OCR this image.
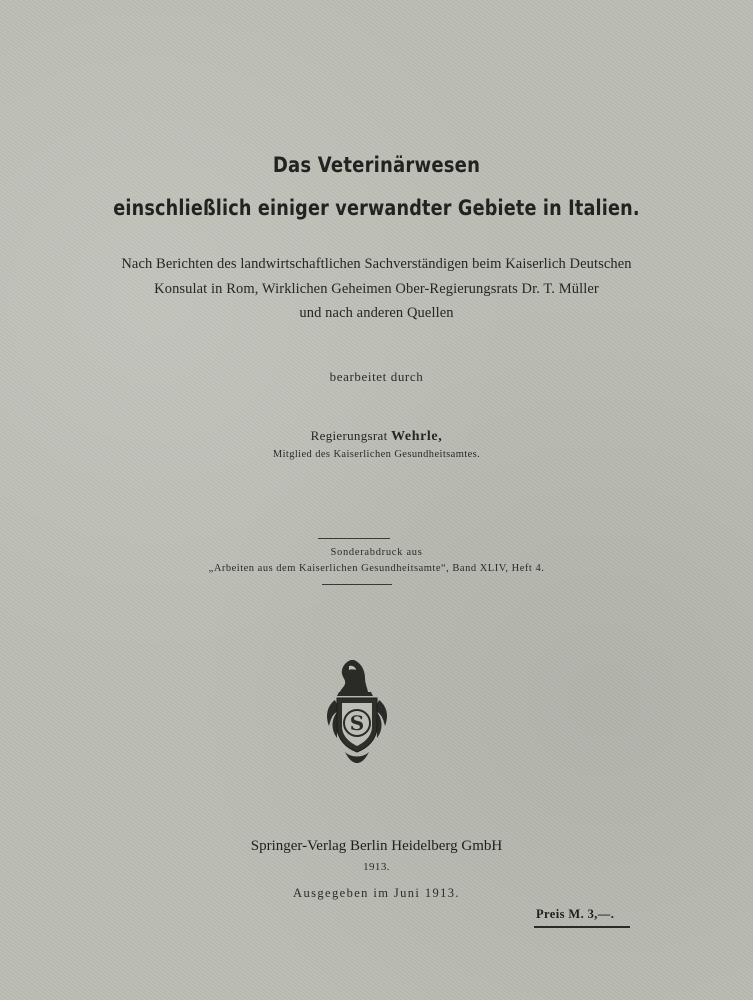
Das Veterinärwesen
einschließlich einiger verwandter Gebiete in Italien.
Nach Berichten des landwirtschaftlichen Sachverständigen beim Kaiserlich Deutschen
Konsulat in Rom, Wirklichen Geheimen Ober-Regierungsrats Dr. T. Müller
und nach anderen Quellen
bearbeitet durch
Regierungsrat Wehrle,
Mitglied des Kaiserlichen Gesundheitsamtes.
Sonderabdruck aus
„Arbeiten aus dem Kaiserlichen Gesundheitsamte“, Band XLIV, Heft 4.
S
Springer-Verlag Berlin Heidelberg GmbH
1913.
Ausgegeben im Juni 1913.
Preis M. 3,—.
